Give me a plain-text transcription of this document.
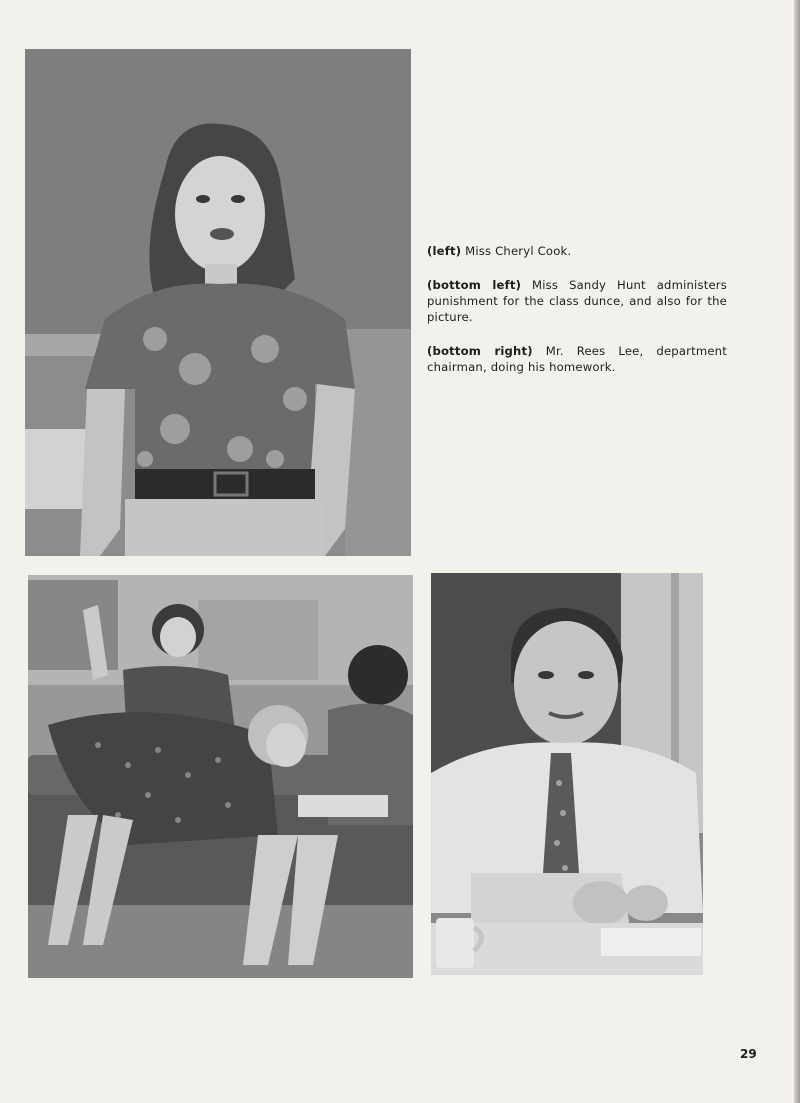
(left) Miss Cheryl Cook.

(bottom left) Miss Sandy Hunt administers punishment for the class dunce, and also for the picture.

(bottom right) Mr. Rees Lee, department chairman, doing his homework.

29
